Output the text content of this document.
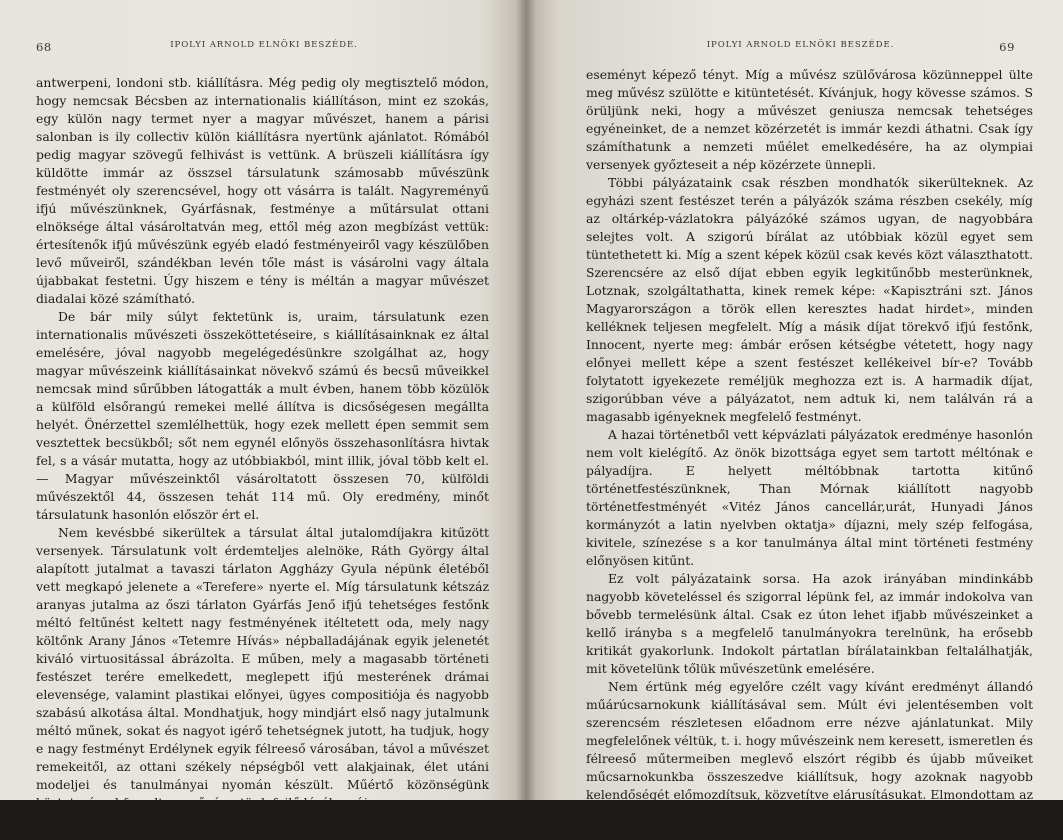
68	IPOLYI ARNOLD ELNÖKI BESZÉDE.

antwerpeni, londoni stb. kiállításra. Még pedig oly megtisztelő módon, hogy nemcsak Bécsben az internationalis kiállításon, mint ez szokás, egy külön nagy termet nyer a magyar művészet, hanem a párisi salonban is ily collectiv külön kiállításra nyertünk ajánlatot. Rómából pedig magyar szövegű felhivást is vettünk. A brüszeli kiállításra így küldötte immár az összsel társulatunk számosabb művészünk festményét oly szerencsével, hogy ott vásárra is talált. Nagyreményű ifjú művészünknek, Gyárfásnak, festménye a műtársulat ottani elnöksége által vásároltatván meg, ettől még azon megbízást vettük: értesítenők ifjú művészünk egyéb eladó festményeiről vagy készülőben levő műveiről, szándékban levén tőle mást is vásárolni vagy általa újabbakat festetni. Úgy hiszem e tény is méltán a magyar művészet diadalai közé számítható.

De bár mily súlyt fektetünk is, uraim, társulatunk ezen internationalis művészeti összeköttetéseire, s kiállításainknak ez által emelésére, jóval nagyobb megelégedésünkre szolgálhat az, hogy magyar művészeink kiállításainkat növekvő számú és becsű műveikkel nemcsak mind sűrűbben látogatták a mult évben, hanem több közülök a külföld elsőrangú remekei mellé állítva is dicsőségesen megállta helyét. Önérzettel szemlélhettük, hogy ezek mellett épen semmit sem vesztettek becsükből; sőt nem egynél előnyös összehasonlításra hivtak fel, s a vásár mutatta, hogy az utóbbiakból, mint illik, jóval több kelt el. — Magyar művészeinktől vásároltatott összesen 70, külföldi művészektől 44, összesen tehát 114 mű. Oly eredmény, minőt társulatunk hasonlón először ért el.

Nem kevésbbé sikerültek a társulat által jutalomdíjakra kitűzött versenyek. Társulatunk volt érdemteljes alelnöke, Ráth György által alapított jutalmat a tavaszi tárlaton Aggházy Gyula népünk életéből vett megkapó jelenete a «Terefere» nyerte el. Míg társulatunk kétszáz aranyas jutalma az őszi tárlaton Gyárfás Jenő ifjú tehetséges festőnk méltó feltűnést keltett nagy festményének itéltetett oda, mely nagy költőnk Arany János «Tetemre Hívás» népballadájának egyik jelenetét kiváló virtuositással ábrázolta. E műben, mely a magasabb történeti festészet terére emelkedett, meglepett ifjú mesterének drámai elevensége, valamint plastikai előnyei, ügyes compositiója és nagyobb szabású alkotása által. Mondhatjuk, hogy mindjárt első nagy jutalmunk méltó műnek, sokat és nagyot igérő tehetségnek jutott, ha tudjuk, hogy e nagy festményt Erdélynek egyik félreeső városában, távol a művészet remekeitől, az ottani székely népségből vett alakjainak, élet utáni modeljei és tanulmányai nyomán készült. Műértő közönségünk köztetszéssel fogadta a művészetünk fejlődésében új

IPOLYI ARNOLD ELNÖKI BESZÉDE.	69

eseményt képező tényt. Míg a művész szülővárosa közünneppel ülte meg művész szülötte e kitüntetését. Kívánjuk, hogy kövesse számos. S örüljünk neki, hogy a művészet geniusza nemcsak tehetséges egyéneinket, de a nemzet közérzetét is immár kezdi áthatni. Csak így számíthatunk a nemzeti műélet emelkedésére, ha az olympiai versenyek győzteseit a nép közérzete ünnepli.

Többi pályázataink csak részben mondhatók sikerülteknek. Az egyházi szent festészet terén a pályázók száma részben csekély, míg az oltárkép-vázlatokra pályázóké számos ugyan, de nagyobbára selejtes volt. A szigorú bírálat az utóbbiak közül egyet sem tüntethetett ki. Míg a szent képek közül csak kevés közt választhatott. Szerencsére az első díjat ebben egyik legkitűnőbb mesterünknek, Lotznak, szolgáltathatta, kinek remek képe: «Kapisztráni szt. János Magyarországon a török ellen keresztes hadat hirdet», minden kelléknek teljesen megfelelt. Míg a másik díjat törekvő ifjú festőnk, Innocent, nyerte meg: ámbár erősen kétségbe vétetett, hogy nagy előnyei mellett képe a szent festészet kellékeivel bír-e? Tovább folytatott igyekezete reméljük meghozza ezt is. A harmadik díjat, szigorúbban véve a pályázatot, nem adtuk ki, nem találván rá a magasabb igényeknek megfelelő festményt.

A hazai történetből vett képvázlati pályázatok eredménye hasonlón nem volt kielégítő. Az önök bizottsága egyet sem tartott méltónak e pályadíjra. E helyett méltóbbnak tartotta kitűnő történetfestészünknek, Than Mórnak kiállított nagyobb történetfestményét «Vitéz János cancellár,urát, Hunyadi János kormányzót a latin nyelvben oktatja» díjazni, mely szép felfogása, kivitele, színezése s a kor tanulmánya által mint történeti festmény előnyösen kitűnt.

Ez volt pályázataink sorsa. Ha azok irányában mindinkább nagyobb követeléssel és szigorral lépünk fel, az immár indokolva van bővebb termelésünk által. Csak ez úton lehet ifjabb művészeinket a kellő irányba s a megfelelő tanulmányokra terelnünk, ha erősebb kritikát gyakorlunk. Indokolt pártatlan bírálatainkban feltalálhatják, mit követelünk tőlük művészetünk emelésére.

Nem értünk még egyelőre czélt vagy kívánt eredményt állandó műárúcsarnokunk kiállításával sem. Múlt évi jelentésemben volt szerencsém részletesen előadnom erre nézve ajánlatunkat. Mily megfelelőnek véltük, t. i. hogy művészeink nem keresett, ismeretlen és félreeső műtermeiben meglevő elszórt régibb és újabb műveiket műcsarnokunkba összeszedve kiállítsuk, hogy azoknak nagyobb kelendőségét előmozdítsuk, közvetítve elárusításukat. Elmondottam az okokat, hogy fővárosunkban még nincsenek erre műkereskedések, nincsenek sajátlag
